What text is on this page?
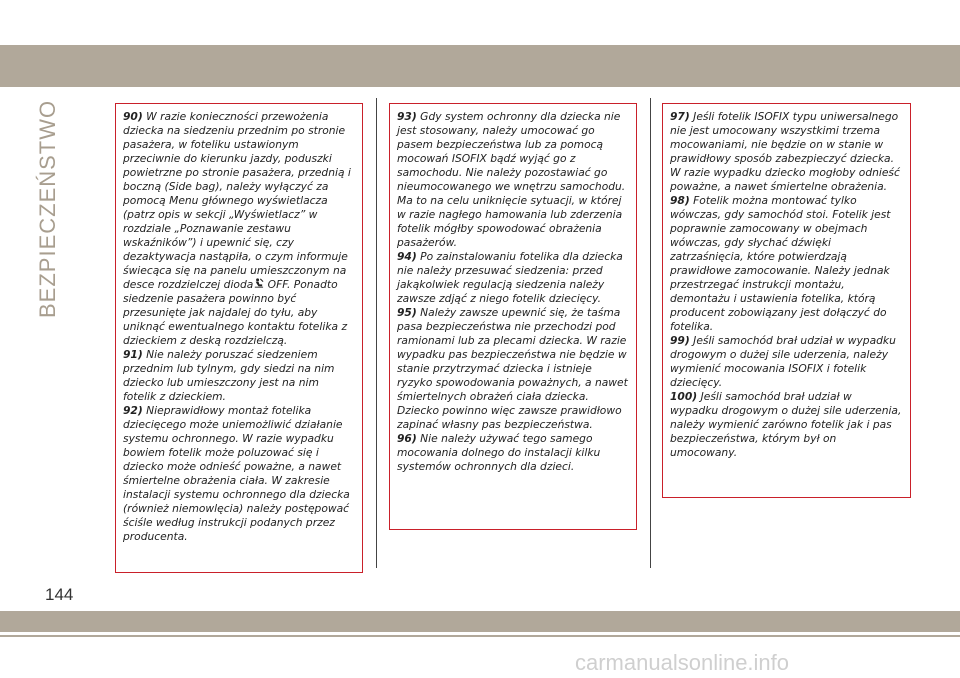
BEZPIECZEŃSTWO	90) W razie konieczności przewożenia dziecka na siedzeniu przednim po stronie pasażera, w foteliku ustawionym przeciwnie do kierunku jazdy, poduszki powietrzne po stronie pasażera, przednią i boczną (Side bag), należy wyłączyć za pomocą Menu głównego wyświetlacza (patrz opis w sekcji „Wyświetlacz” w rozdziale „Poznawanie zestawu wskaźników”) i upewnić się, czy dezaktywacja nastąpiła, o czym informuje świecąca się na panelu umieszczonym na desce rozdzielczej dioda OFF. Ponadto siedzenie pasażera powinno być przesunięte jak najdalej do tyłu, aby uniknąć ewentualnego kontaktu fotelika z dzieckiem z deską rozdzielczą.

91) Nie należy poruszać siedzeniem przednim lub tylnym, gdy siedzi na nim dziecko lub umieszczony jest na nim fotelik z dzieckiem.

92) Nieprawidłowy montaż fotelika dziecięcego może uniemożliwić działanie systemu ochronnego. W razie wypadku bowiem fotelik może poluzować się i dziecko może odnieść poważne, a nawet śmiertelne obrażenia ciała. W zakresie instalacji systemu ochronnego dla dziecka (również niemowlęcia) należy postępować ściśle według instrukcji podanych przez producenta.

93) Gdy system ochronny dla dziecka nie jest stosowany, należy umocować go pasem bezpieczeństwa lub za pomocą mocowań ISOFIX bądź wyjąć go z samochodu. Nie należy pozostawiać go nieumocowanego we wnętrzu samochodu. Ma to na celu uniknięcie sytuacji, w której w razie nagłego hamowania lub zderzenia fotelik mógłby spowodować obrażenia pasażerów.

94) Po zainstalowaniu fotelika dla dziecka nie należy przesuwać siedzenia: przed jakąkolwiek regulacją siedzenia należy zawsze zdjąć z niego fotelik dziecięcy.

95) Należy zawsze upewnić się, że taśma pasa bezpieczeństwa nie przechodzi pod ramionami lub za plecami dziecka. W razie wypadku pas bezpieczeństwa nie będzie w stanie przytrzymać dziecka i istnieje ryzyko spowodowania poważnych, a nawet śmiertelnych obrażeń ciała dziecka. Dziecko powinno więc zawsze prawidłowo zapinać własny pas bezpieczeństwa.

96) Nie należy używać tego samego mocowania dolnego do instalacji kilku systemów ochronnych dla dzieci.

97) Jeśli fotelik ISOFIX typu uniwersalnego nie jest umocowany wszystkimi trzema mocowaniami, nie będzie on w stanie w prawidłowy sposób zabezpieczyć dziecka. W razie wypadku dziecko mogłoby odnieść poważne, a nawet śmiertelne obrażenia.

98) Fotelik można montować tylko wówczas, gdy samochód stoi. Fotelik jest poprawnie zamocowany w obejmach wówczas, gdy słychać dźwięki zatrzaśnięcia, które potwierdzają prawidłowe zamocowanie. Należy jednak przestrzegać instrukcji montażu, demontażu i ustawienia fotelika, którą producent zobowiązany jest dołączyć do fotelika.

99) Jeśli samochód brał udział w wypadku drogowym o dużej sile uderzenia, należy wymienić mocowania ISOFIX i fotelik dziecięcy.

100) Jeśli samochód brał udział w wypadku drogowym o dużej sile uderzenia, należy wymienić zarówno fotelik jak i pas bezpieczeństwa, którym był on umocowany.

144
carmanualsonline.info
